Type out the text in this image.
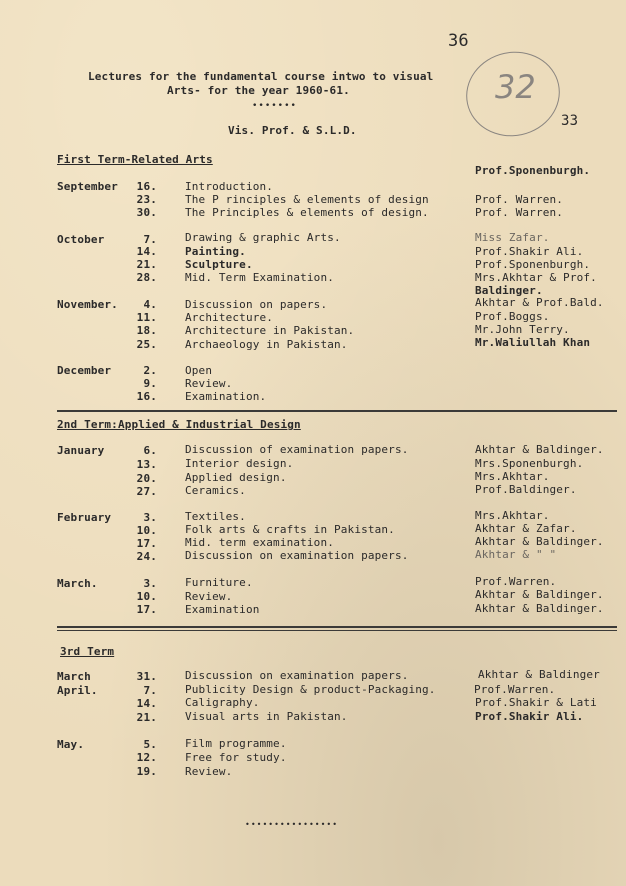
36
32
33
Lectures for the fundamental course intwo to visual
Arts- for the year 1960-61.
•••••••
Vis. Prof. & S.L.D.
First Term-Related Arts
Prof.Sponenburgh.
September	16.	Introduction.
23.	The P rinciples & elements of design	Prof. Warren.
30.	The Principles & elements of design.	Prof. Warren.
October	7.	Drawing & graphic Arts.	Miss Zafar.
14.	Painting.	Prof.Shakir Ali.
21.	Sculpture.	Prof.Sponenburgh.
28.	Mid. Term Examination.	Mrs.Akhtar & Prof.
Baldinger.
November.	4.	Discussion on papers.	Akhtar & Prof.Bald.
11.	Architecture.	Prof.Boggs.
18.	Architecture in Pakistan.	Mr.John Terry.
25.	Archaeology in Pakistan.	Mr.Waliullah Khan
December	2.	Open
9.	Review.
16.	Examination.
2nd Term:Applied & Industrial Design
January	6.	Discussion of examination papers.	Akhtar & Baldinger.
13.	Interior design.	Mrs.Sponenburgh.
20.	Applied design.	Mrs.Akhtar.
27.	Ceramics.	Prof.Baldinger.
February	3.	Textiles.	Mrs.Akhtar.
10.	Folk arts & crafts in Pakistan.	Akhtar & Zafar.
17.	Mid. term examination.	Akhtar & Baldinger.
24.	Discussion on examination papers.	Akhtar & " "
March.	3.	Furniture.	Prof.Warren.
10.	Review.	Akhtar & Baldinger.
17.	Examination	Akhtar & Baldinger.
3rd Term
March	31.	Discussion on examination papers.	Akhtar & Baldinger
April.	7.	Publicity Design & product-Packaging.	Prof.Warren.
14.	Caligraphy.	Prof.Shakir & Lati
21.	Visual arts in Pakistan.	Prof.Shakir Ali.
May.	5.	Film programme.
12.	Free for study.
19.	Review.
••••••••••••••••
